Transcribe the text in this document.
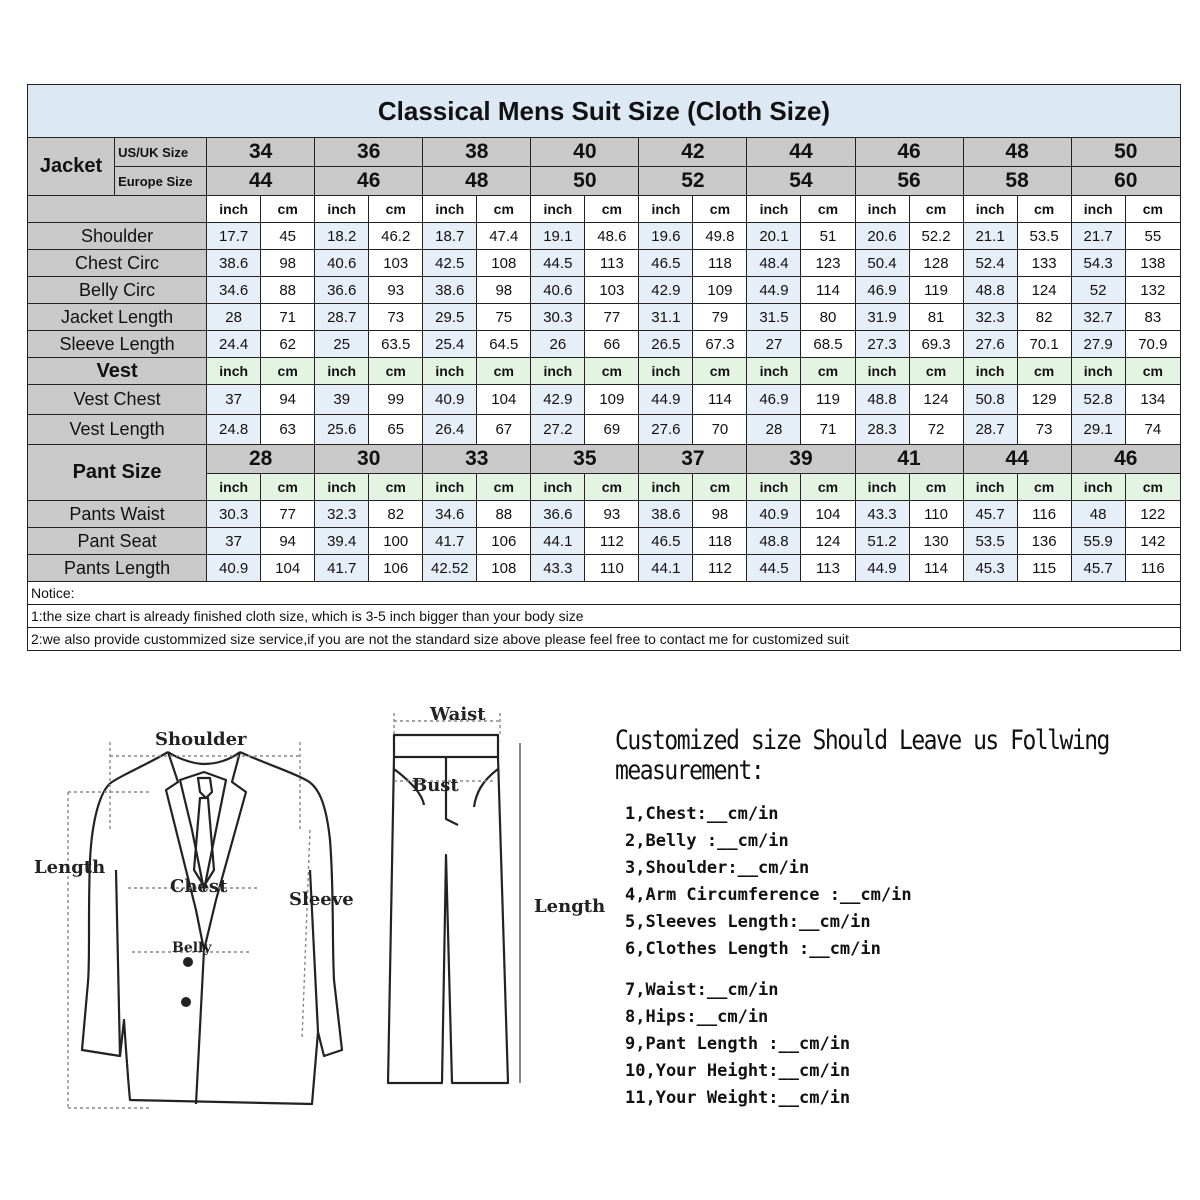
Classical Mens Suit Size (Cloth Size)																			
Jacket	US/UK Size	34		36		38		40		42		44		46		48		50	
	Europe Size	44		46		48		50		52		54		56		58		60	
		inch	cm	inch	cm	inch	cm	inch	cm	inch	cm	inch	cm	inch	cm	inch	cm	inch	cm
Shoulder		17.7	45	18.2	46.2	18.7	47.4	19.1	48.6	19.6	49.8	20.1	51	20.6	52.2	21.1	53.5	21.7	55
Chest Circ		38.6	98	40.6	103	42.5	108	44.5	113	46.5	118	48.4	123	50.4	128	52.4	133	54.3	138
Belly Circ		34.6	88	36.6	93	38.6	98	40.6	103	42.9	109	44.9	114	46.9	119	48.8	124	52	132
Jacket Length		28	71	28.7	73	29.5	75	30.3	77	31.1	79	31.5	80	31.9	81	32.3	82	32.7	83
Sleeve Length		24.4	62	25	63.5	25.4	64.5	26	66	26.5	67.3	27	68.5	27.3	69.3	27.6	70.1	27.9	70.9
Vest		inch	cm	inch	cm	inch	cm	inch	cm	inch	cm	inch	cm	inch	cm	inch	cm	inch	cm
Vest Chest		37	94	39	99	40.9	104	42.9	109	44.9	114	46.9	119	48.8	124	50.8	129	52.8	134
Vest Length		24.8	63	25.6	65	26.4	67	27.2	69	27.6	70	28	71	28.3	72	28.7	73	29.1	74
Pant Size		28		30		33		35		37		39		41		44		46	
		inch	cm	inch	cm	inch	cm	inch	cm	inch	cm	inch	cm	inch	cm	inch	cm	inch	cm
Pants Waist		30.3	77	32.3	82	34.6	88	36.6	93	38.6	98	40.9	104	43.3	110	45.7	116	48	122
Pant Seat		37	94	39.4	100	41.7	106	44.1	112	46.5	118	48.8	124	51.2	130	53.5	136	55.9	142
Pants Length		40.9	104	41.7	106	42.52	108	43.3	110	44.1	112	44.5	113	44.9	114	45.3	115	45.7	116
Notice:																			
1:the size chart is already finished cloth size, which is 3-5 inch bigger than your body size																			
2:we also provide custommized size service,if you are not the standard size above please feel free to contact me for customized suit																			
Shoulder
Length
Chest
Sleeve
Belly
Waist
Bust
Length
Customized size Should Leave us Follwing measurement:
1,Chest:__cm/in
2,Belly :__cm/in
3,Shoulder:__cm/in
4,Arm Circumference :__cm/in
5,Sleeves Length:__cm/in
6,Clothes Length :__cm/in
7,Waist:__cm/in
8,Hips:__cm/in
9,Pant Length :__cm/in
10,Your Height:__cm/in
11,Your Weight:__cm/in
